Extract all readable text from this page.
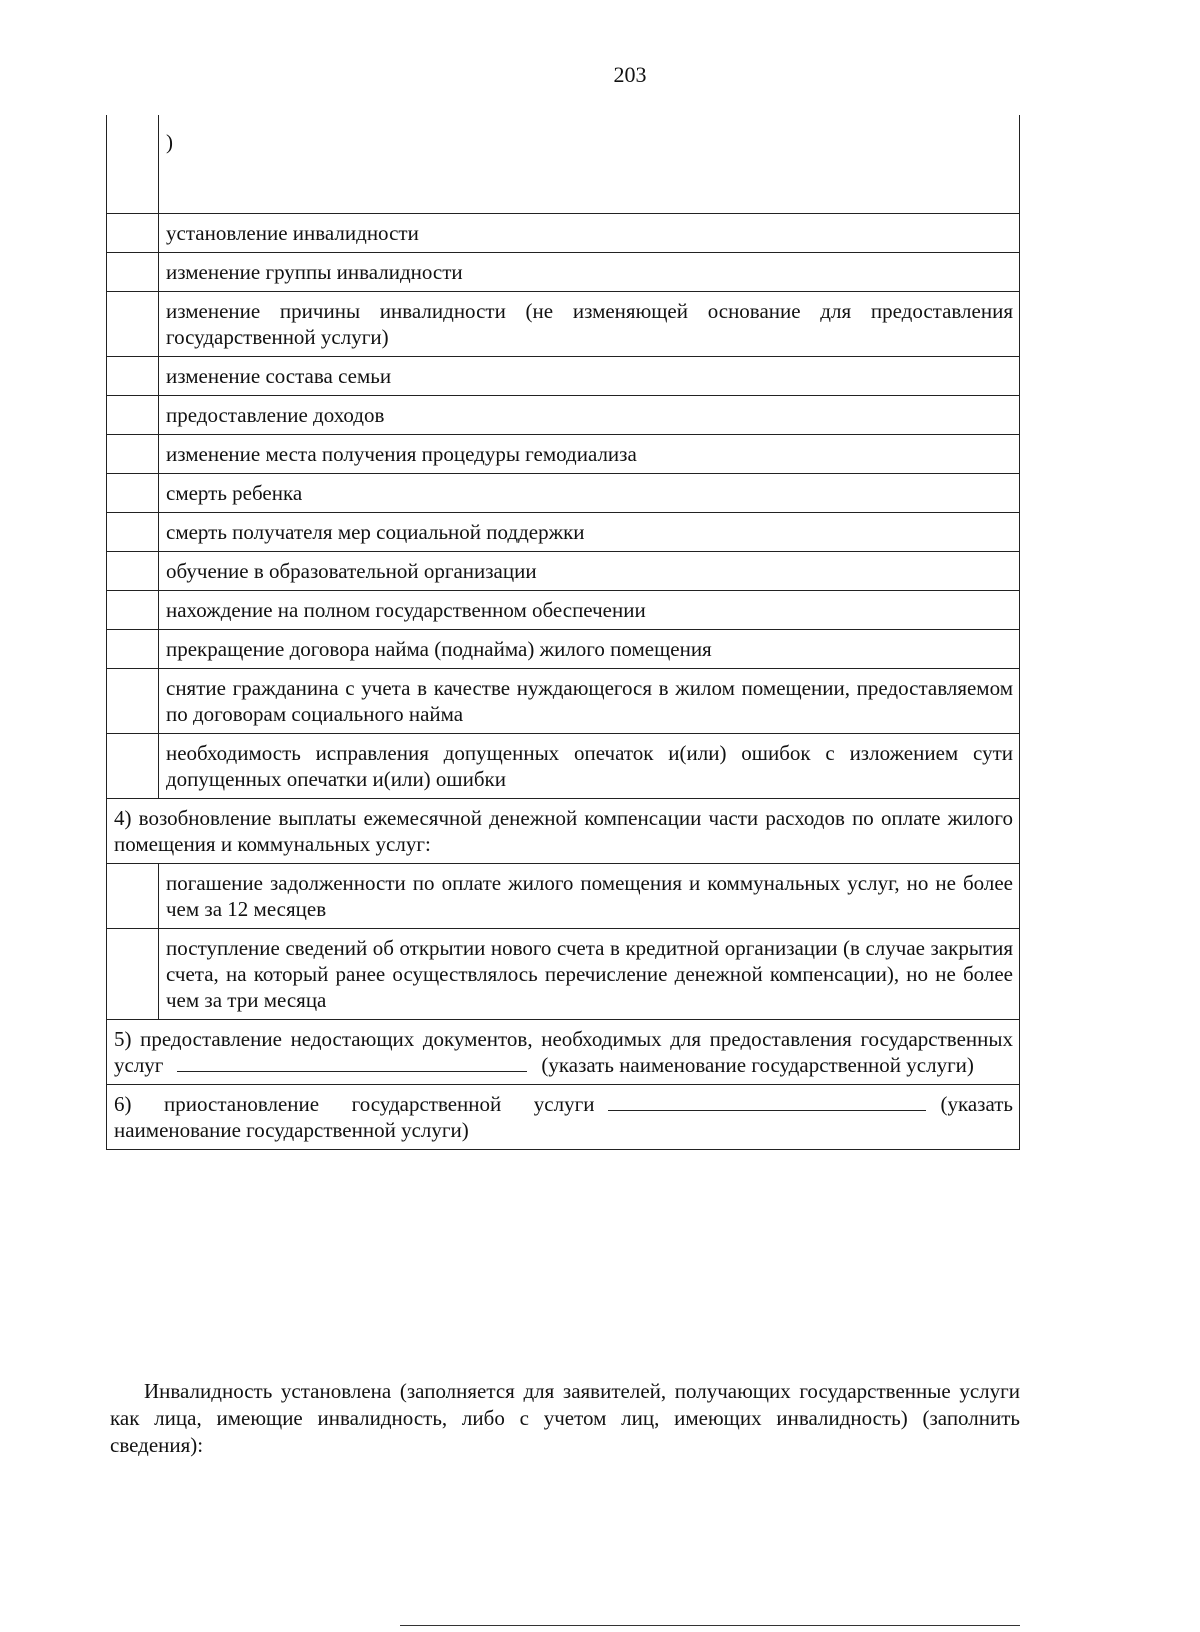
203
	)
	установление инвалидности
	изменение группы инвалидности
	изменение причины инвалидности (не изменяющей основание для предоставления государственной услуги)
	изменение состава семьи
	предоставление доходов
	изменение места получения процедуры гемодиализа
	смерть ребенка
	смерть получателя мер социальной поддержки
	обучение в образовательной организации
	нахождение на полном государственном обеспечении
	прекращение договора найма (поднайма) жилого помещения
	снятие гражданина с учета в качестве нуждающегося в жилом помещении, предоставляемом по договорам социального найма
	необходимость исправления допущенных опечаток и(или) ошибок с изложением сути допущенных опечатки и(или) ошибки
4) возобновление выплаты ежемесячной денежной компенсации части расходов по оплате жилого помещения и коммунальных услуг:	
	погашение задолженности по оплате жилого помещения и коммунальных услуг, но не более чем за 12 месяцев
	поступление сведений об открытии нового счета в кредитной организации (в случае закрытия счета, на который ранее осуществлялось перечисление денежной компенсации), но не более чем за три месяца
5) предоставление недостающих документов, необходимых для предоставления государственных услуг (указать наименование государственной услуги)	
6) приостановление государственной услуги (указать наименование государственной услуги)	
Инвалидность установлена (заполняется для заявителей, получающих государственные услуги как лица, имеющие инвалидность, либо с учетом лиц, имеющих инвалидность) (заполнить сведения):
